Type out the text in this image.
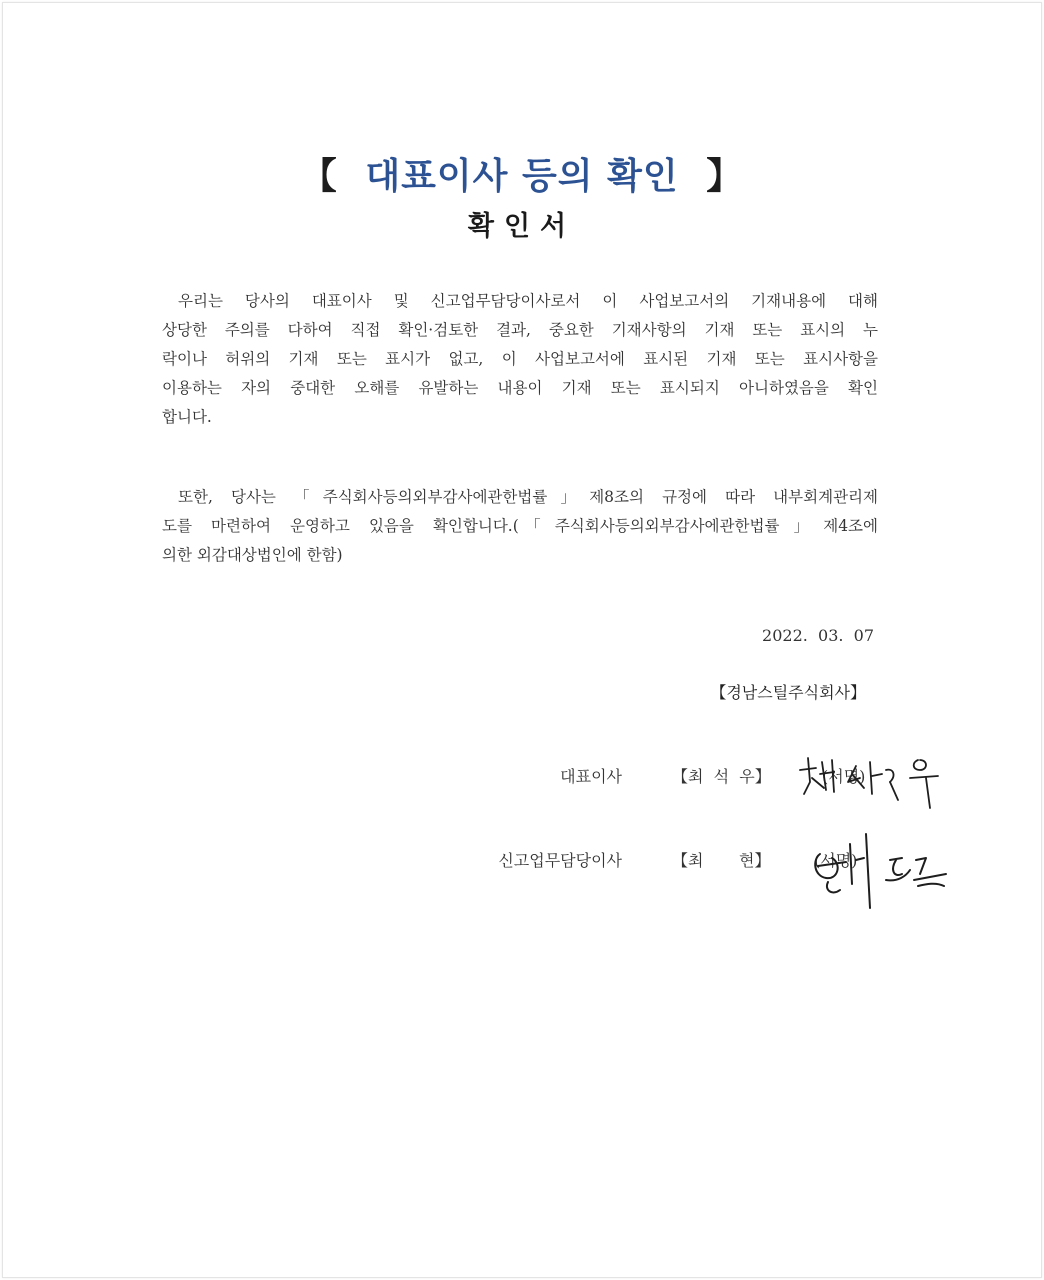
【 대표이사 등의 확인 】
확인서
우리는 당사의 대표이사 및 신고업무담당이사로서 이 사업보고서의 기재내용에 대해
상당한 주의를 다하여 직접 확인·검토한 결과, 중요한 기재사항의 기재 또는 표시의 누
락이나 허위의 기재 또는 표시가 없고, 이 사업보고서에 표시된 기재 또는 표시사항을
이용하는 자의 중대한 오해를 유발하는 내용이 기재 또는 표시되지 아니하였음을 확인
합니다.
또한, 당사는 「주식회사등의외부감사에관한법률」제8조의 규정에 따라 내부회계관리제
도를 마련하여 운영하고 있음을 확인합니다.(「주식회사등의외부감사에관한법률」제4조에
의한 외감대상법인에 한함)
2022.  03.  07
【경남스틸주식회사】
대표이사	【최  석  우】	(서명)
신고업무담당이사	【최       현】	(서명)
